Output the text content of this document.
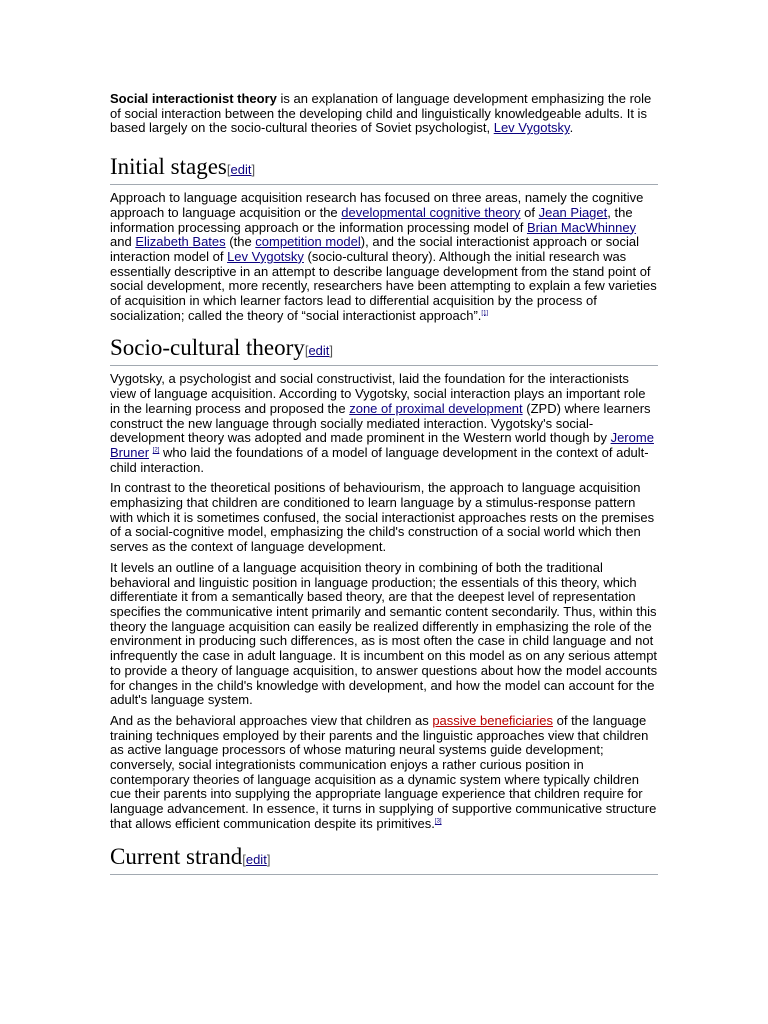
Social interactionist theory is an explanation of language development emphasizing the role of social interaction between the developing child and linguistically knowledgeable adults. It is based largely on the socio-cultural theories of Soviet psychologist, Lev Vygotsky.

Initial stages[edit]

Approach to language acquisition research has focused on three areas, namely the cognitive approach to language acquisition or the developmental cognitive theory of Jean Piaget, the information processing approach or the information processing model of Brian MacWhinney and Elizabeth Bates (the competition model), and the social interactionist approach or social interaction model of Lev Vygotsky (socio-cultural theory). Although the initial research was essentially descriptive in an attempt to describe language development from the stand point of social development, more recently, researchers have been attempting to explain a few varieties of acquisition in which learner factors lead to differential acquisition by the process of socialization; called the theory of “social interactionist approach”.[1]

Socio-cultural theory[edit]

Vygotsky, a psychologist and social constructivist, laid the foundation for the interactionists view of language acquisition. According to Vygotsky, social interaction plays an important role in the learning process and proposed the zone of proximal development (ZPD) where learners construct the new language through socially mediated interaction. Vygotsky's social-development theory was adopted and made prominent in the Western world though by Jerome Bruner [2] who laid the foundations of a model of language development in the context of adult-child interaction.

In contrast to the theoretical positions of behaviourism, the approach to language acquisition emphasizing that children are conditioned to learn language by a stimulus-response pattern with which it is sometimes confused, the social interactionist approaches rests on the premises of a social-cognitive model, emphasizing the child's construction of a social world which then serves as the context of language development.

It levels an outline of a language acquisition theory in combining of both the traditional behavioral and linguistic position in language production; the essentials of this theory, which differentiate it from a semantically based theory, are that the deepest level of representation specifies the communicative intent primarily and semantic content secondarily. Thus, within this theory the language acquisition can easily be realized differently in emphasizing the role of the environment in producing such differences, as is most often the case in child language and not infrequently the case in adult language. It is incumbent on this model as on any serious attempt to provide a theory of language acquisition, to answer questions about how the model accounts for changes in the child's knowledge with development, and how the model can account for the adult's language system.

And as the behavioral approaches view that children as passive beneficiaries of the language training techniques employed by their parents and the linguistic approaches view that children as active language processors of whose maturing neural systems guide development; conversely, social integrationists communication enjoys a rather curious position in contemporary theories of language acquisition as a dynamic system where typically children cue their parents into supplying the appropriate language experience that children require for language advancement. In essence, it turns in supplying of supportive communicative structure that allows efficient communication despite its primitives.[3]

Current strand[edit]
